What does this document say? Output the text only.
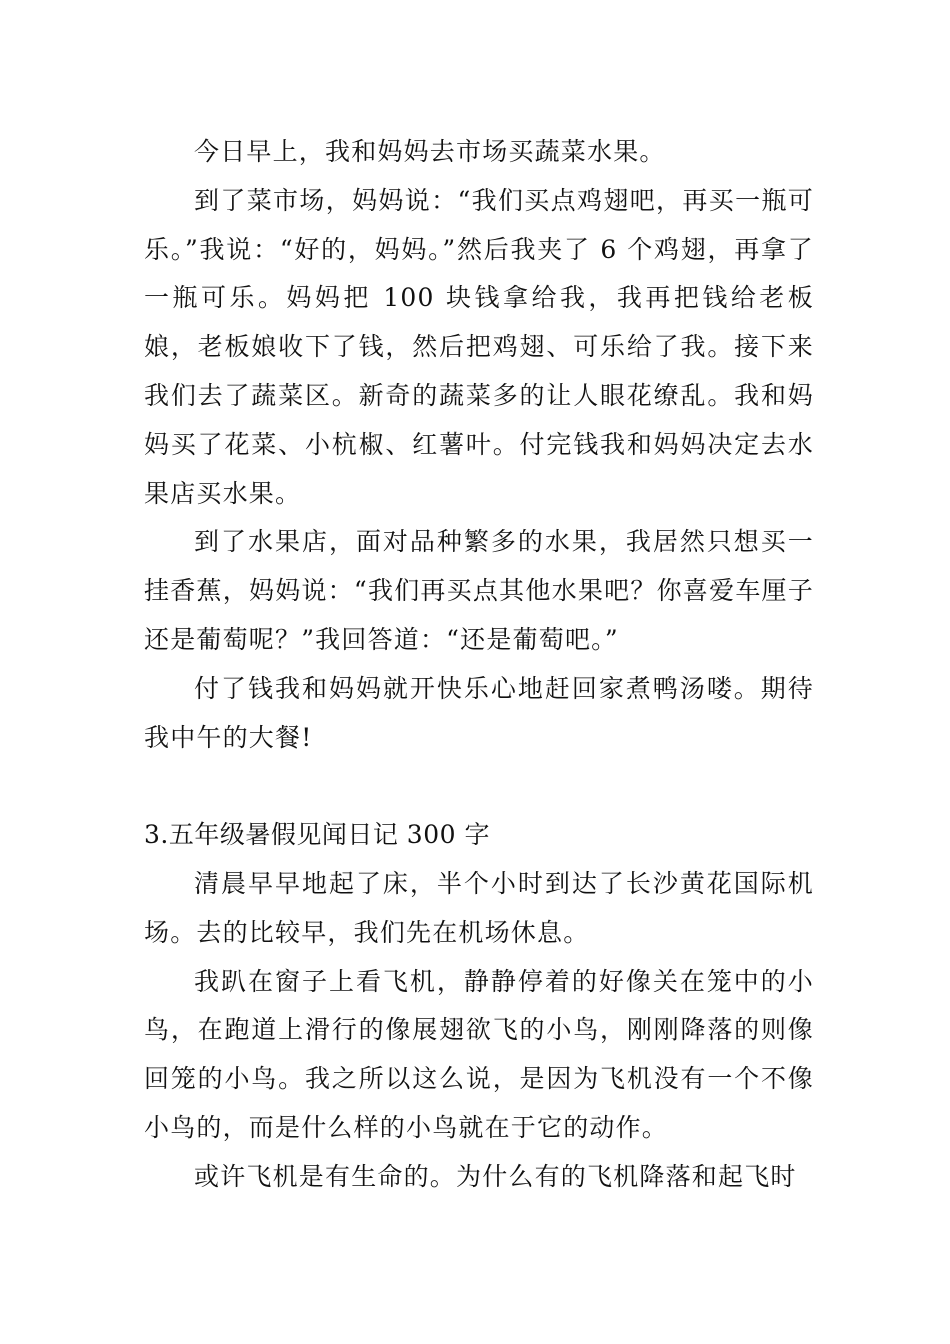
今日早上，我和妈妈去市场买蔬菜水果。

到了菜市场，妈妈说：“我们买点鸡翅吧，再买一瓶可乐。”我说：“好的，妈妈。”然后我夹了 6 个鸡翅，再拿了一瓶可乐。妈妈把 100 块钱拿给我，我再把钱给老板娘，老板娘收下了钱，然后把鸡翅、可乐给了我。接下来我们去了蔬菜区。新奇的蔬菜多的让人眼花缭乱。我和妈妈买了花菜、小杭椒、红薯叶。付完钱我和妈妈决定去水果店买水果。

到了水果店，面对品种繁多的水果，我居然只想买一挂香蕉，妈妈说：“我们再买点其他水果吧？你喜爱车厘子还是葡萄呢？”我回答道：“还是葡萄吧。”

付了钱我和妈妈就开快乐心地赶回家煮鸭汤喽。期待我中午的大餐!

3.五年级暑假见闻日记 300 字

清晨早早地起了床，半个小时到达了长沙黄花国际机场。去的比较早，我们先在机场休息。

我趴在窗子上看飞机，静静停着的好像关在笼中的小鸟，在跑道上滑行的像展翅欲飞的小鸟，刚刚降落的则像回笼的小鸟。我之所以这么说，是因为飞机没有一个不像小鸟的，而是什么样的小鸟就在于它的动作。

或许飞机是有生命的。为什么有的飞机降落和起飞时
